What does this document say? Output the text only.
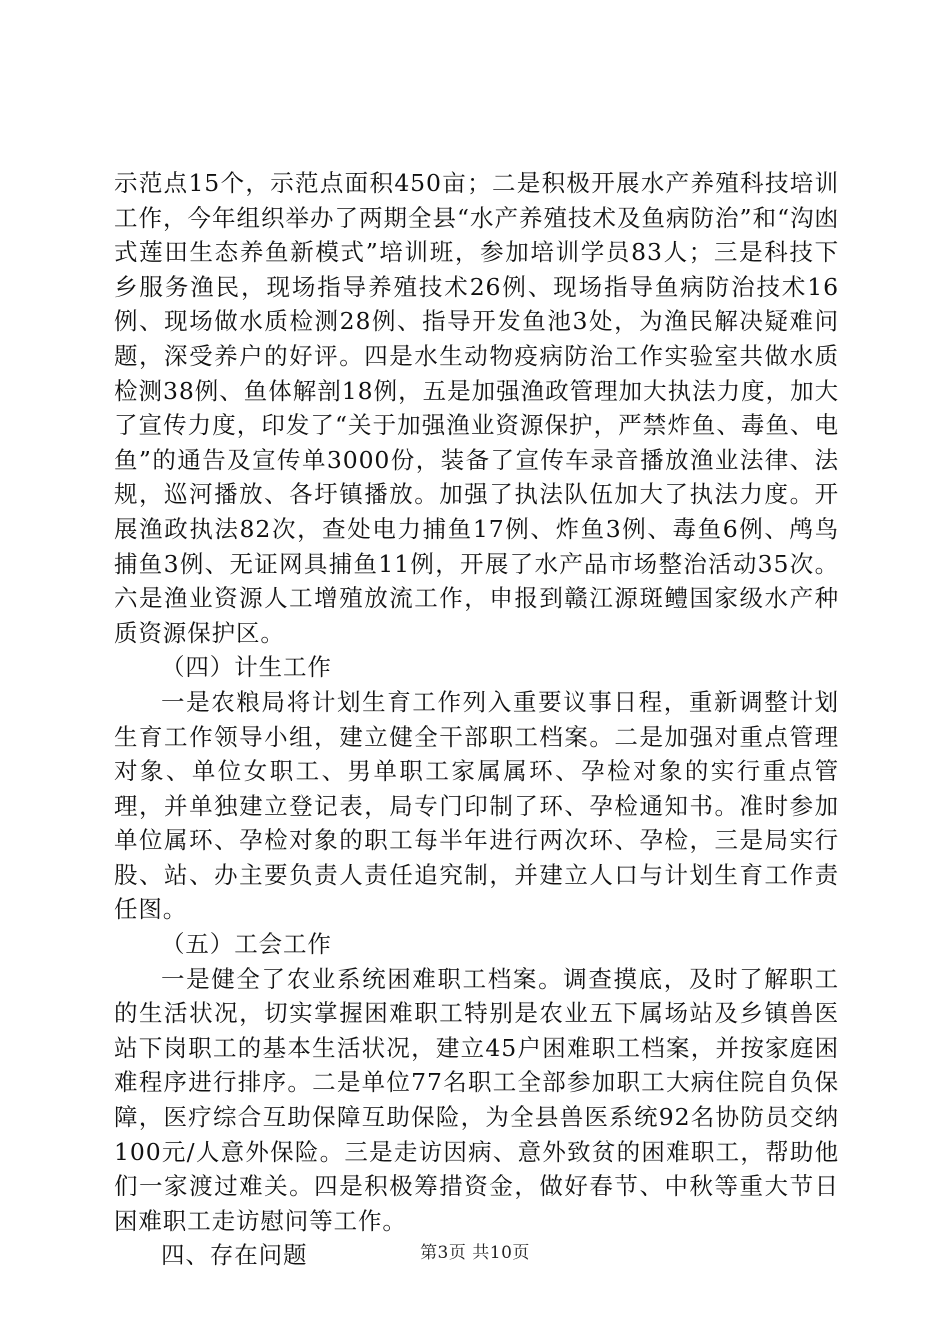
示范点15个，示范点面积450亩；二是积极开展水产养殖科技培训工作，今年组织举办了两期全县“水产养殖技术及鱼病防治”和“沟凼式莲田生态养鱼新模式”培训班，参加培训学员83人；三是科技下乡服务渔民，现场指导养殖技术26例、现场指导鱼病防治技术16例、现场做水质检测28例、指导开发鱼池3处，为渔民解决疑难问题，深受养户的好评。四是水生动物疫病防治工作实验室共做水质检测38例、鱼体解剖18例，五是加强渔政管理加大执法力度，加大了宣传力度，印发了“关于加强渔业资源保护，严禁炸鱼、毒鱼、电鱼”的通告及宣传单3000份，装备了宣传车录音播放渔业法律、法规，巡河播放、各圩镇播放。加强了执法队伍加大了执法力度。开展渔政执法82次，查处电力捕鱼17例、炸鱼3例、毒鱼6例、鸬鸟捕鱼3例、无证网具捕鱼11例，开展了水产品市场整治活动35次。六是渔业资源人工增殖放流工作，申报到赣江源斑鳢国家级水产种质资源保护区。

（四）计生工作

一是农粮局将计划生育工作列入重要议事日程，重新调整计划生育工作领导小组，建立健全干部职工档案。二是加强对重点管理对象、单位女职工、男单职工家属属环、孕检对象的实行重点管理，并单独建立登记表，局专门印制了环、孕检通知书。准时参加单位属环、孕检对象的职工每半年进行两次环、孕检，三是局实行股、站、办主要负责人责任追究制，并建立人口与计划生育工作责任图。

（五）工会工作

一是健全了农业系统困难职工档案。调查摸底，及时了解职工的生活状况，切实掌握困难职工特别是农业五下属场站及乡镇兽医站下岗职工的基本生活状况，建立45户困难职工档案，并按家庭困难程序进行排序。二是单位77名职工全部参加职工大病住院自负保障，医疗综合互助保障互助保险，为全县兽医系统92名协防员交纳100元/人意外保险。三是走访因病、意外致贫的困难职工，帮助他们一家渡过难关。四是积极筹措资金，做好春节、中秋等重大节日困难职工走访慰问等工作。

四、存在问题	第3页 共10页
